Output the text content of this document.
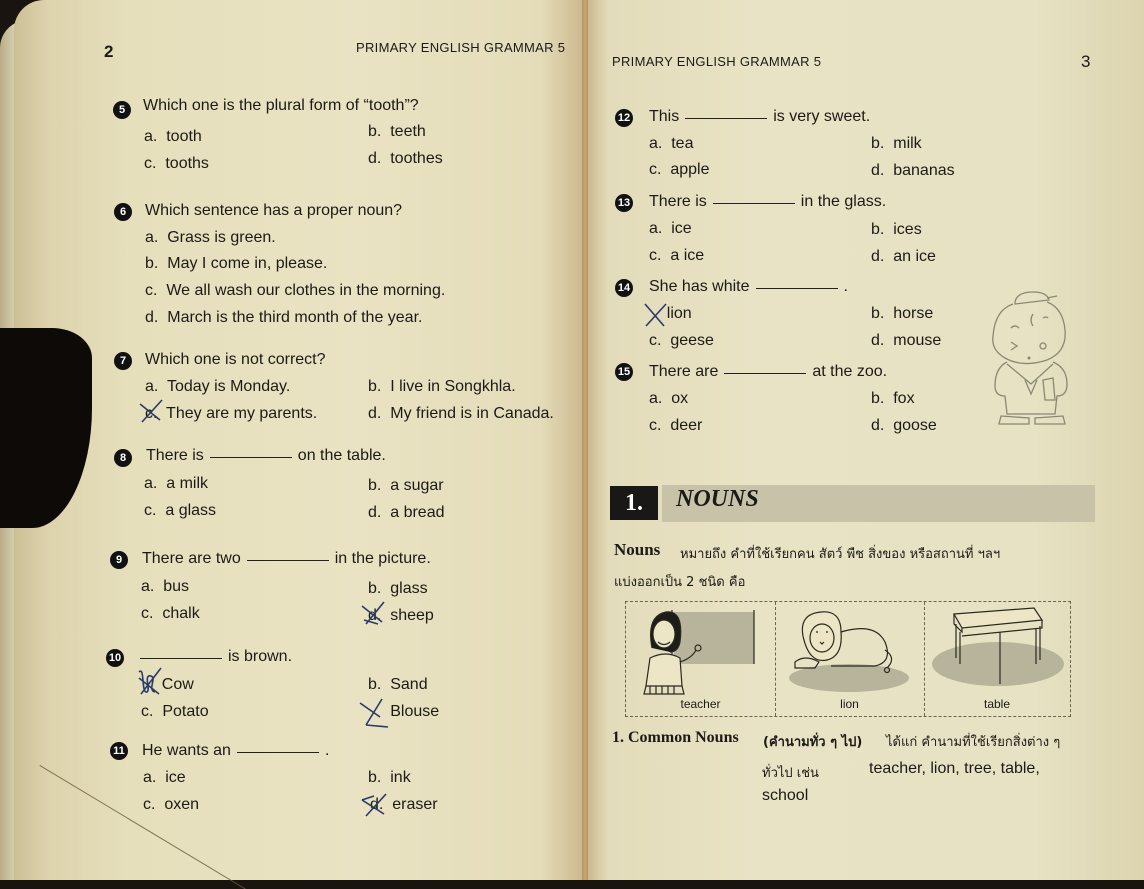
2	PRIMARY ENGLISH GRAMMAR 5
5	Which one is the plural form of “tooth”?
a.  tooth	b.  teeth
c.  tooths	d.  toothes
6	Which sentence has a proper noun?
a.  Grass is green.
b.  May I come in, please.
c.  We all wash our clothes in the morning.
d.  March is the third month of the year.
7	Which one is not correct?
a.  Today is Monday.	b.  I live in Songkhla.
c.  They are my parents.	d.  My friend is in Canada.
8	There is	on the table.
a.  a milk	b.  a sugar
c.  a glass	d.  a bread
9	There are two	in the picture.
a.  bus	b.  glass
c.  chalk	d.  sheep
10	is brown.
Cow	b.  Sand
c.  Potato	Blouse
11 He wants an	.
a.  ice	b.  ink
c.  oxen	d.  eraser
PRIMARY ENGLISH GRAMMAR 5	3
12 This	is very sweet.
a.  tea	b.  milk
c.  apple	d.  bananas
13 There is	in the glass.
a.  ice	b.  ices
c.  a ice	d.  an ice
14 She has white	.
lion	b.  horse
c.  geese	d.  mouse
15 There are	at the zoo.
a.  ox	b.  fox
c.  deer	d.  goose
1.	NOUNS
Nouns หมายถึง คำที่ใช้เรียกคน สัตว์ พืช สิ่งของ หรือสถานที่ ฯลฯ
แบ่งออกเป็น 2 ชนิด คือ
teacher	lion	table
1. Common Nouns (คำนามทั่ว ๆ ไป) ได้แก่ คำนามที่ใช้เรียกสิ่งต่าง ๆ
ทั่วไป เช่น	teacher, lion, tree, table,
school
